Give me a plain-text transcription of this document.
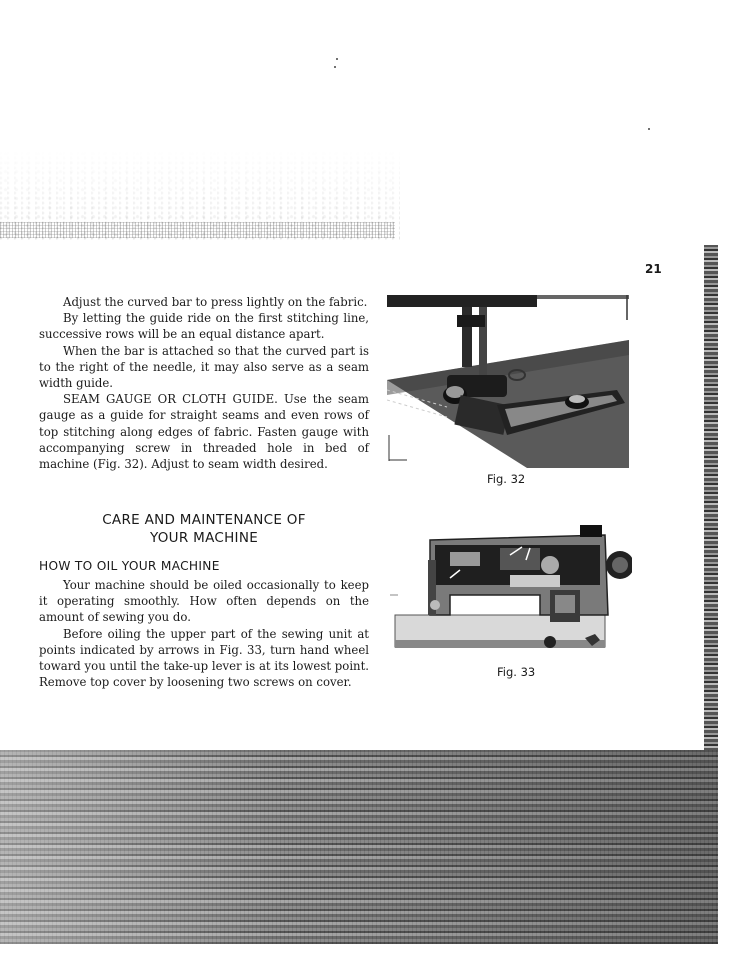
21

Adjust the curved bar to press lightly on the fabric.

By letting the guide ride on the first stitching line, successive rows will be an equal distance apart.

When the bar is attached so that the curved part is to the right of the needle, it may also serve as a seam width guide.

SEAM GAUGE OR CLOTH GUIDE. Use the seam gauge as a guide for straight seams and even rows of top stitching along edges of fabric. Fasten gauge with accompanying screw in threaded hole in bed of machine (Fig. 32). Adjust to seam width desired.

CARE AND MAINTENANCE OF
YOUR MACHINE
HOW TO OIL YOUR MACHINE

Your machine should be oiled occasionally to keep it operating smoothly. How often depends on the amount of sewing you do.

Before oiling the upper part of the sewing unit at points indicated by arrows in Fig. 33, turn hand wheel toward you until the take-up lever is at its lowest point. Remove top cover by loosening two screws on cover.

Fig. 32
Fig. 33
